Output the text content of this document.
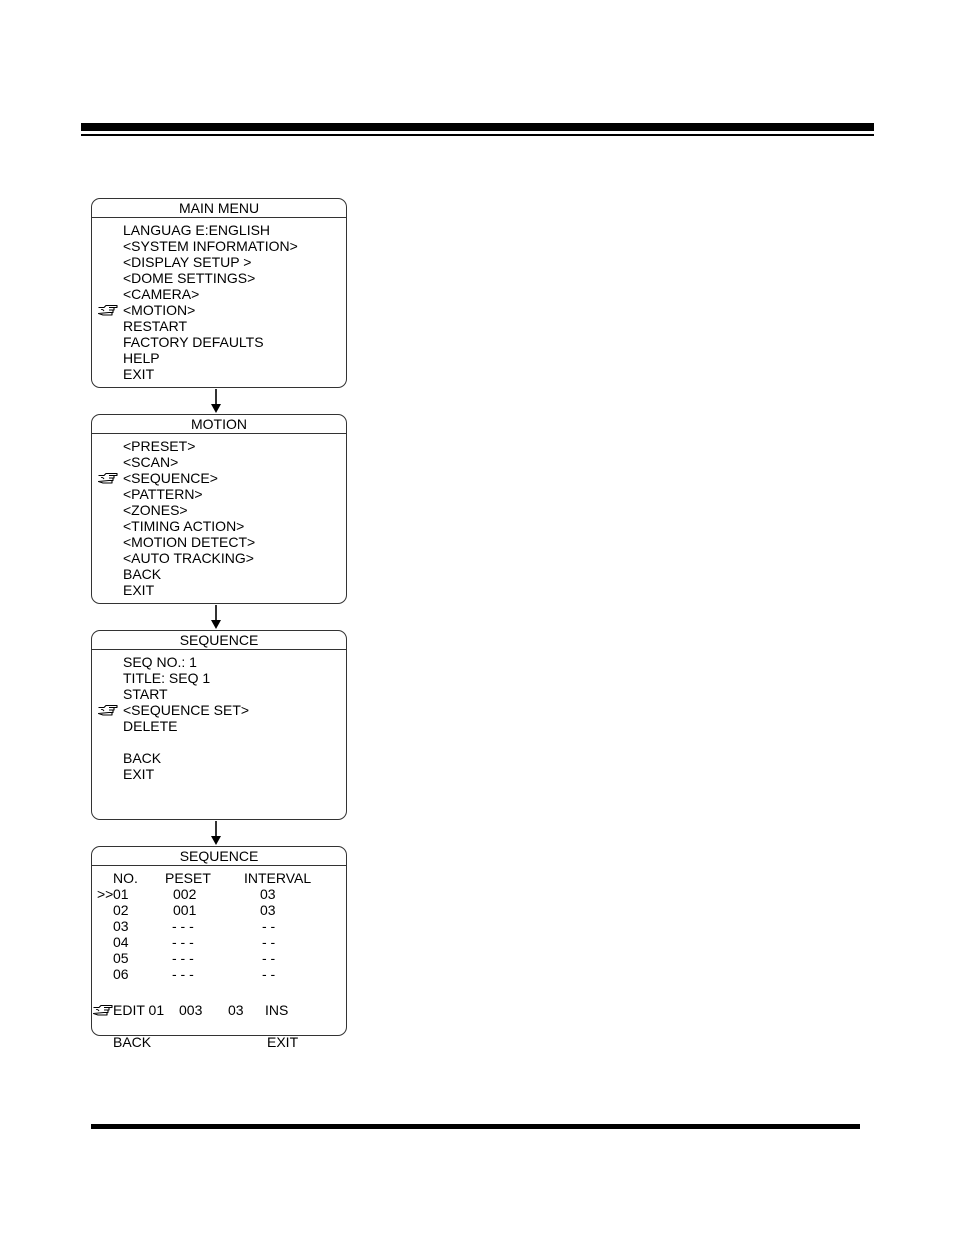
MAIN MENU
LANGUAG E:ENGLISH
<SYSTEM INFORMATION>
<DISPLAY SETUP >
<DOME SETTINGS>
<CAMERA>
<MOTION>
RESTART
FACTORY DEFAULTS
HELP
EXIT
MOTION
<PRESET>
<SCAN>
<SEQUENCE>
<PATTERN>
<ZONES>
<TIMING ACTION>
<MOTION DETECT>
<AUTO TRACKING>
BACK
EXIT
SEQUENCE
SEQ NO.: 1
TITLE: SEQ 1
START
<SEQUENCE SET>
DELETE
BACK
EXIT
SEQUENCE
NO. PESET INTERVAL
>> 01	002	03
02	001	03
03	- - -	- -
04	- - -	- -
05	- - -	- -
06	- - -	- -
EDIT 01 003 03 INS
BACK	EXIT
